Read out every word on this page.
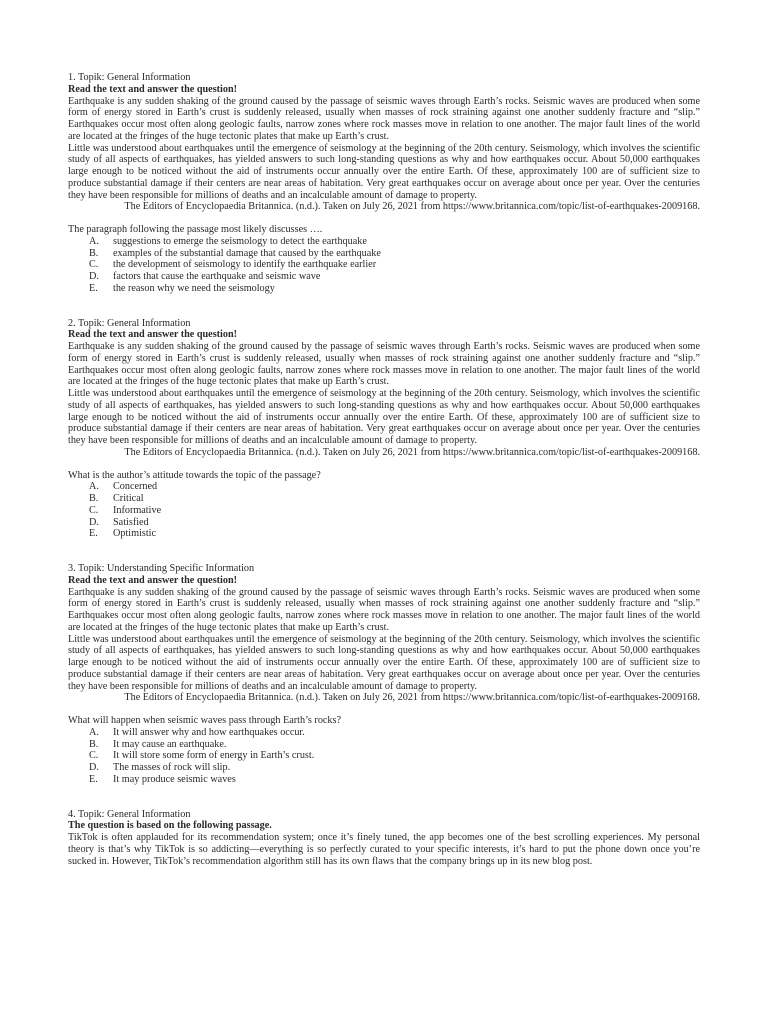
1. Topik: General Information

Read the text and answer the question!

Earthquake is any sudden shaking of the ground caused by the passage of seismic waves through Earth’s rocks. Seismic waves are produced when some form of energy stored in Earth’s crust is suddenly released, usually when masses of rock straining against one another suddenly fracture and “slip.” Earthquakes occur most often along geologic faults, narrow zones where rock masses move in relation to one another. The major fault lines of the world are located at the fringes of the huge tectonic plates that make up Earth’s crust.

Little was understood about earthquakes until the emergence of seismology at the beginning of the 20th century. Seismology, which involves the scientific study of all aspects of earthquakes, has yielded answers to such long-standing questions as why and how earthquakes occur. About 50,000 earthquakes large enough to be noticed without the aid of instruments occur annually over the entire Earth. Of these, approximately 100 are of sufficient size to produce substantial damage if their centers are near areas of habitation. Very great earthquakes occur on average about once per year. Over the centuries they have been responsible for millions of deaths and an incalculable amount of damage to property.

The Editors of Encyclopaedia Britannica. (n.d.). Taken on July 26, 2021 from https://www.britannica.com/topic/list-of-earthquakes-2009168.

The paragraph following the passage most likely discusses ….

A.	suggestions to emerge the seismology to detect the earthquake
B.	examples of the substantial damage that caused by the earthquake
C.	the development of seismology to identify the earthquake earlier
D.	factors that cause the earthquake and seismic wave
E.	the reason why we need the seismology

2. Topik: General Information

Read the text and answer the question!

Earthquake is any sudden shaking of the ground caused by the passage of seismic waves through Earth’s rocks. Seismic waves are produced when some form of energy stored in Earth’s crust is suddenly released, usually when masses of rock straining against one another suddenly fracture and “slip.” Earthquakes occur most often along geologic faults, narrow zones where rock masses move in relation to one another. The major fault lines of the world are located at the fringes of the huge tectonic plates that make up Earth’s crust.

Little was understood about earthquakes until the emergence of seismology at the beginning of the 20th century. Seismology, which involves the scientific study of all aspects of earthquakes, has yielded answers to such long-standing questions as why and how earthquakes occur. About 50,000 earthquakes large enough to be noticed without the aid of instruments occur annually over the entire Earth. Of these, approximately 100 are of sufficient size to produce substantial damage if their centers are near areas of habitation. Very great earthquakes occur on average about once per year. Over the centuries they have been responsible for millions of deaths and an incalculable amount of damage to property.

The Editors of Encyclopaedia Britannica. (n.d.). Taken on July 26, 2021 from https://www.britannica.com/topic/list-of-earthquakes-2009168.

What is the author’s attitude towards the topic of the passage?

A.	Concerned
B.	Critical
C.	Informative
D.	Satisfied
E.	Optimistic

3. Topik: Understanding Specific Information

Read the text and answer the question!

Earthquake is any sudden shaking of the ground caused by the passage of seismic waves through Earth’s rocks. Seismic waves are produced when some form of energy stored in Earth’s crust is suddenly released, usually when masses of rock straining against one another suddenly fracture and “slip.” Earthquakes occur most often along geologic faults, narrow zones where rock masses move in relation to one another. The major fault lines of the world are located at the fringes of the huge tectonic plates that make up Earth’s crust.

Little was understood about earthquakes until the emergence of seismology at the beginning of the 20th century. Seismology, which involves the scientific study of all aspects of earthquakes, has yielded answers to such long-standing questions as why and how earthquakes occur. About 50,000 earthquakes large enough to be noticed without the aid of instruments occur annually over the entire Earth. Of these, approximately 100 are of sufficient size to produce substantial damage if their centers are near areas of habitation. Very great earthquakes occur on average about once per year. Over the centuries they have been responsible for millions of deaths and an incalculable amount of damage to property.

The Editors of Encyclopaedia Britannica. (n.d.). Taken on July 26, 2021 from https://www.britannica.com/topic/list-of-earthquakes-2009168.

What will happen when seismic waves pass through Earth’s rocks?

A.	It will answer why and how earthquakes occur.
B.	It may cause an earthquake.
C.	It will store some form of energy in Earth’s crust.
D.	The masses of rock will slip.
E.	It may produce seismic waves

4. Topik: General Information

The question is based on the following passage.

TikTok is often applauded for its recommendation system; once it’s finely tuned, the app becomes one of the best scrolling experiences. My personal theory is that’s why TikTok is so addicting—everything is so perfectly curated to your specific interests, it’s hard to put the phone down once you’re sucked in. However, TikTok’s recommendation algorithm still has its own flaws that the company brings up in its new blog post.
